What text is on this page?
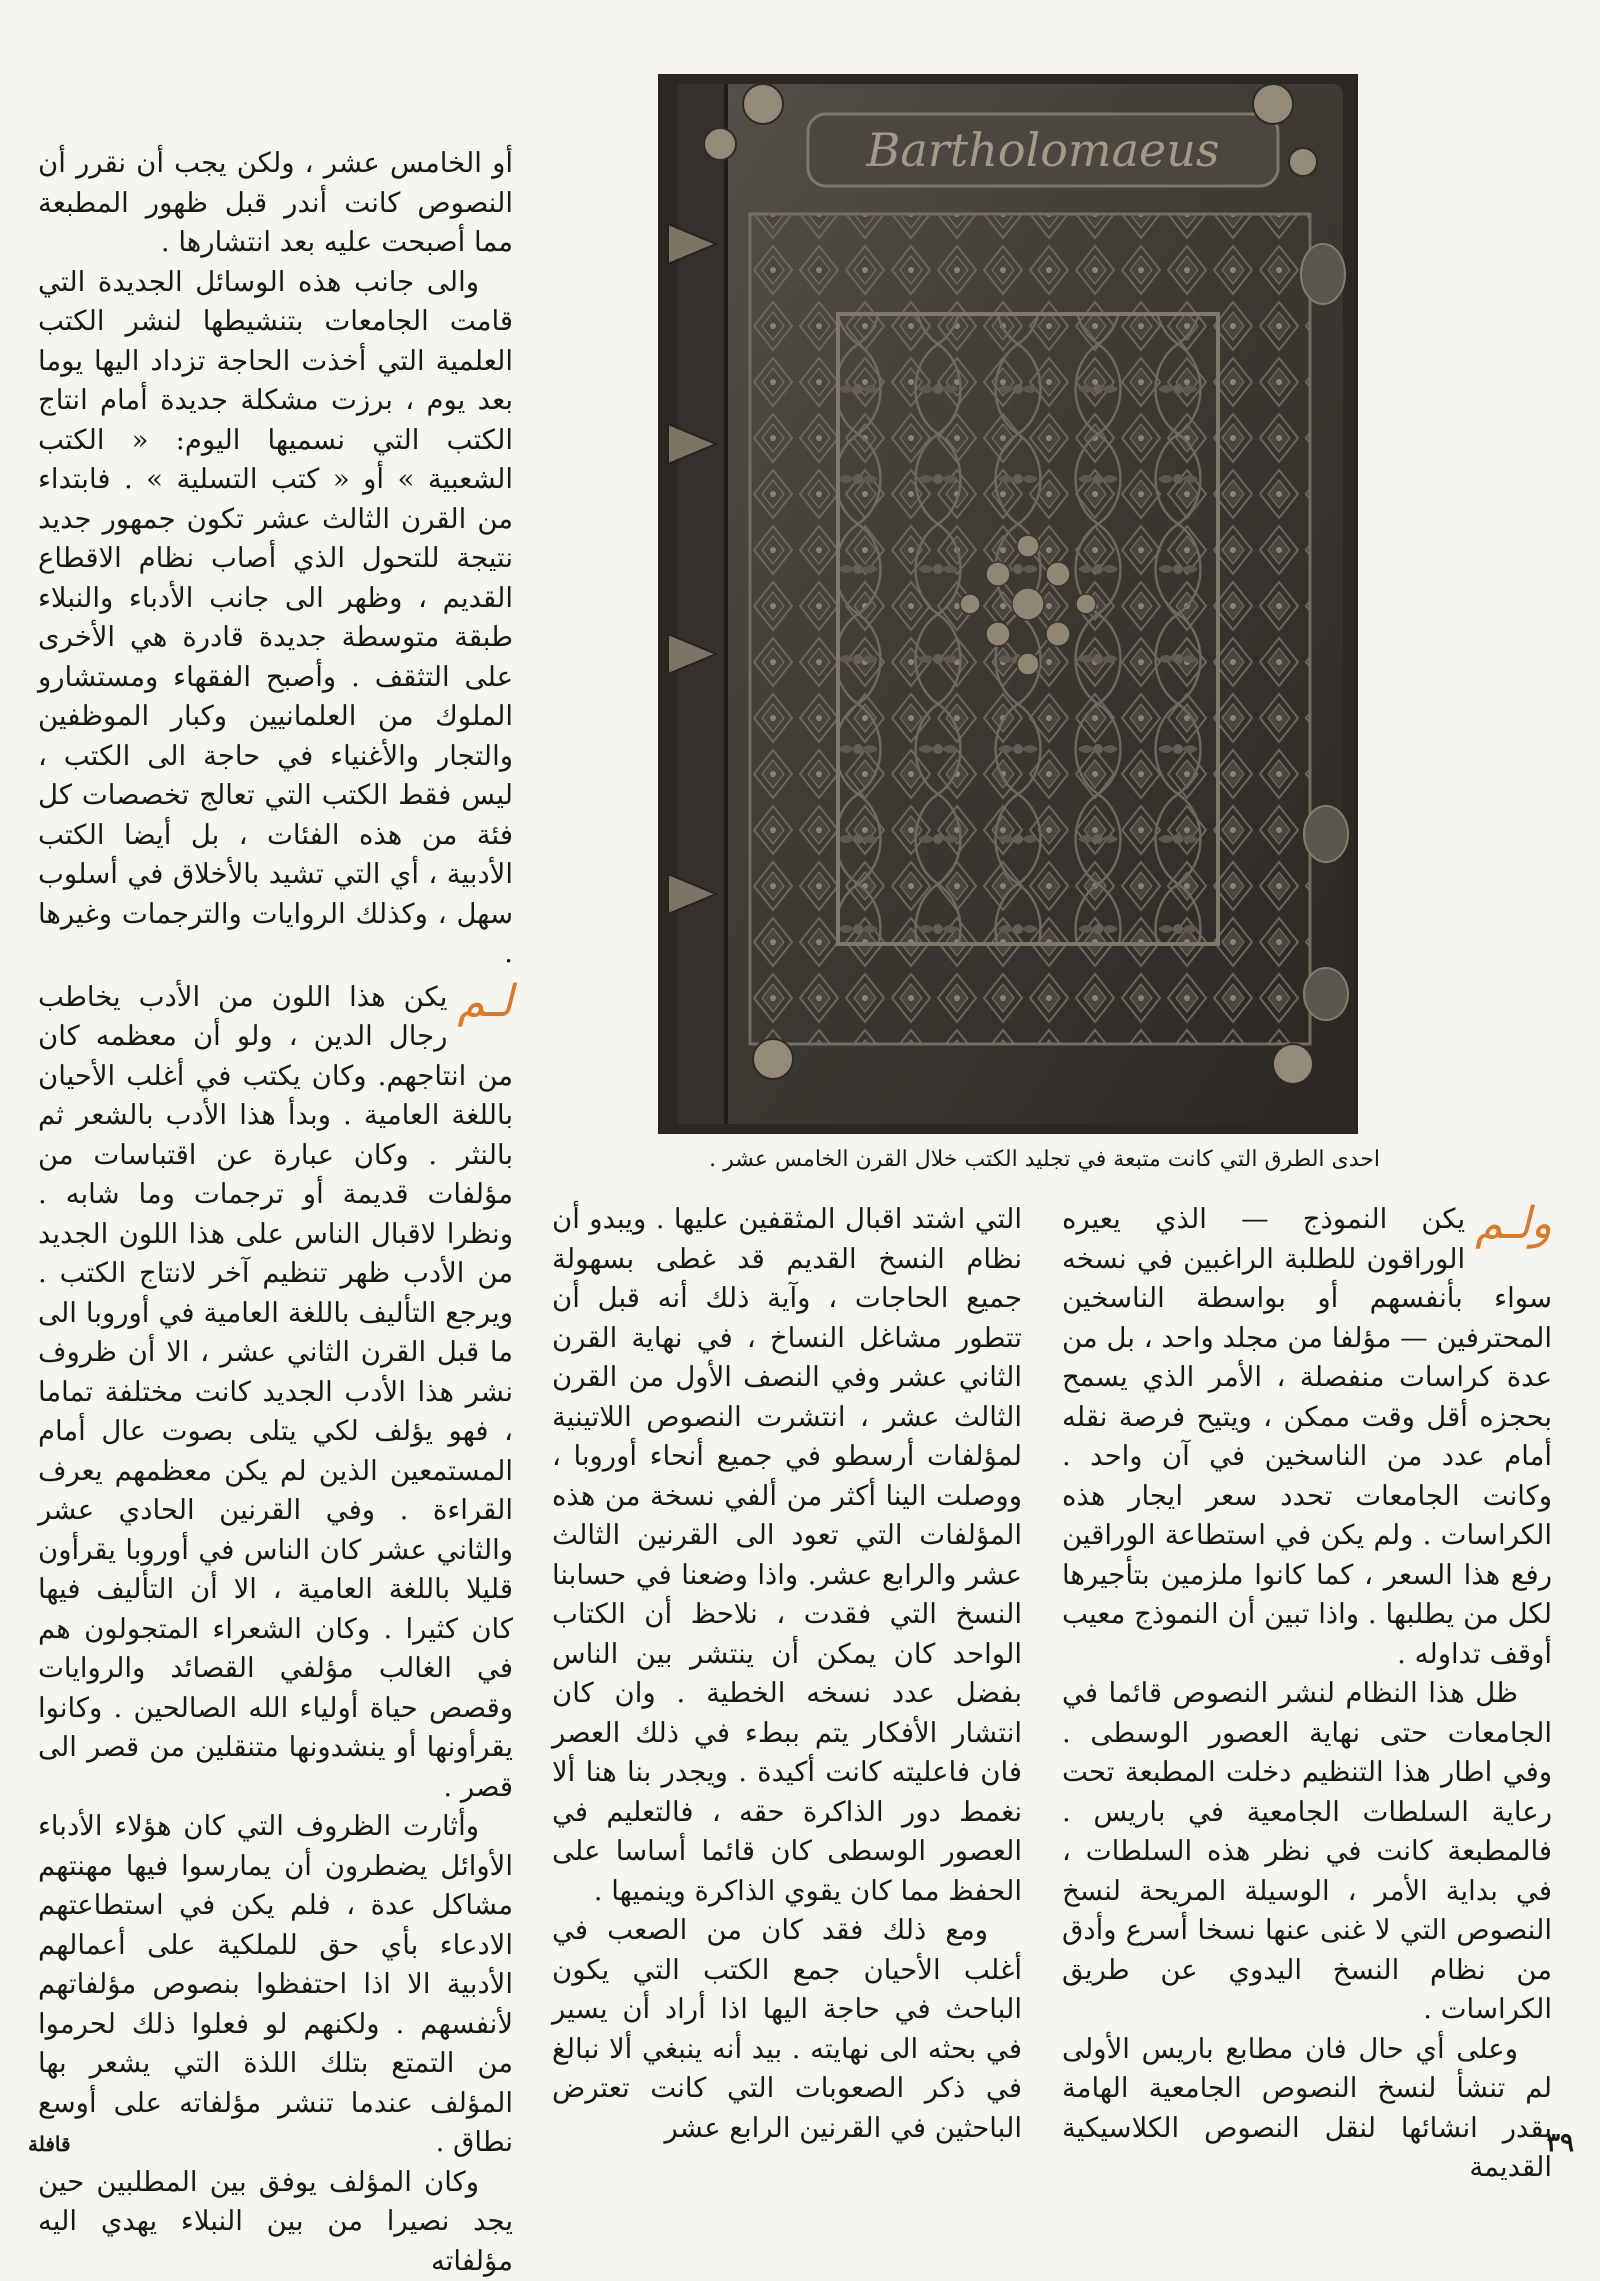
أو الخامس عشر ، ولكن يجب أن نقرر أن النصوص كانت أندر قبل ظهور المطبعة مما أصبحت عليه بعد انتشارها .

والى جانب هذه الوسائل الجديدة التي قامت الجامعات بتنشيطها لنشر الكتب العلمية التي أخذت الحاجة تزداد اليها يوما بعد يوم ، برزت مشكلة جديدة أمام انتاج الكتب التي نسميها اليوم: « الكتب الشعبية » أو « كتب التسلية » . فابتداء من القرن الثالث عشر تكون جمهور جديد نتيجة للتحول الذي أصاب نظام الاقطاع القديم ، وظهر الى جانب الأدباء والنبلاء طبقة متوسطة جديدة قادرة هي الأخرى على التثقف . وأصبح الفقهاء ومستشارو الملوك من العلمانيين وكبار الموظفين والتجار والأغنياء في حاجة الى الكتب ، ليس فقط الكتب التي تعالج تخصصات كل فئة من هذه الفئات ، بل أيضا الكتب الأدبية ، أي التي تشيد بالأخلاق في أسلوب سهل ، وكذلك الروايات والترجمات وغيرها .

لـم
يكن هذا اللون من الأدب يخاطب رجال الدين ، ولو أن معظمه كان من انتاجهم. وكان يكتب في أغلب الأحيان باللغة العامية . وبدأ هذا الأدب بالشعر ثم بالنثر . وكان عبارة عن اقتباسات من مؤلفات قديمة أو ترجمات وما شابه . ونظرا لاقبال الناس على هذا اللون الجديد من الأدب ظهر تنظيم آخر لانتاج الكتب . ويرجع التأليف باللغة العامية في أوروبا الى ما قبل القرن الثاني عشر ، الا أن ظروف نشر هذا الأدب الجديد كانت مختلفة تماما ، فهو يؤلف لكي يتلى بصوت عال أمام المستمعين الذين لم يكن معظمهم يعرف القراءة . وفي القرنين الحادي عشر والثاني عشر كان الناس في أوروبا يقرأون قليلا باللغة العامية ، الا أن التأليف فيها كان كثيرا . وكان الشعراء المتجولون هم في الغالب مؤلفي القصائد والروايات وقصص حياة أولياء الله الصالحين . وكانوا يقرأونها أو ينشدونها متنقلين من قصر الى قصر .

وأثارت الظروف التي كان هؤلاء الأدباء الأوائل يضطرون أن يمارسوا فيها مهنتهم مشاكل عدة ، فلم يكن في استطاعتهم الادعاء بأي حق للملكية على أعمالهم الأدبية الا اذا احتفظوا بنصوص مؤلفاتهم لأنفسهم . ولكنهم لو فعلوا ذلك لحرموا من التمتع بتلك اللذة التي يشعر بها المؤلف عندما تنشر مؤلفاته على أوسع نطاق .

وكان المؤلف يوفق بين المطلبين حين يجد نصيرا من بين النبلاء يهدي اليه مؤلفاته

Bartholomaeus
احدى الطرق التي كانت متبعة في تجليد الكتب خلال القرن الخامس عشر .

التي اشتد اقبال المثقفين عليها . ويبدو أن نظام النسخ القديم قد غطى بسهولة جميع الحاجات ، وآية ذلك أنه قبل أن تتطور مشاغل النساخ ، في نهاية القرن الثاني عشر وفي النصف الأول من القرن الثالث عشر ، انتشرت النصوص اللاتينية لمؤلفات أرسطو في جميع أنحاء أوروبا ، ووصلت الينا أكثر من ألفي نسخة من هذه المؤلفات التي تعود الى القرنين الثالث عشر والرابع عشر. واذا وضعنا في حسابنا النسخ التي فقدت ، نلاحظ أن الكتاب الواحد كان يمكن أن ينتشر بين الناس بفضل عدد نسخه الخطية . وان كان انتشار الأفكار يتم ببطء في ذلك العصر فان فاعليته كانت أكيدة . ويجدر بنا هنا ألا نغمط دور الذاكرة حقه ، فالتعليم في العصور الوسطى كان قائما أساسا على الحفظ مما كان يقوي الذاكرة وينميها .

ومع ذلك فقد كان من الصعب في أغلب الأحيان جمع الكتب التي يكون الباحث في حاجة اليها اذا أراد أن يسير في بحثه الى نهايته . بيد أنه ينبغي ألا نبالغ في ذكر الصعوبات التي كانت تعترض الباحثين في القرنين الرابع عشر

ولـم
يكن النموذج — الذي يعيره الوراقون للطلبة الراغبين في نسخه سواء بأنفسهم أو بواسطة الناسخين المحترفين — مؤلفا من مجلد واحد ، بل من عدة كراسات منفصلة ، الأمر الذي يسمح بحجزه أقل وقت ممكن ، ويتيح فرصة نقله أمام عدد من الناسخين في آن واحد . وكانت الجامعات تحدد سعر ايجار هذه الكراسات . ولم يكن في استطاعة الوراقين رفع هذا السعر ، كما كانوا ملزمين بتأجيرها لكل من يطلبها . واذا تبين أن النموذج معيب أوقف تداوله .

ظل هذا النظام لنشر النصوص قائما في الجامعات حتى نهاية العصور الوسطى . وفي اطار هذا التنظيم دخلت المطبعة تحت رعاية السلطات الجامعية في باريس . فالمطبعة كانت في نظر هذه السلطات ، في بداية الأمر ، الوسيلة المريحة لنسخ النصوص التي لا غنى عنها نسخا أسرع وأدق من نظام النسخ اليدوي عن طريق الكراسات .

وعلى أي حال فان مطابع باريس الأولى لم تنشأ لنسخ النصوص الجامعية الهامة بقدر انشائها لنقل النصوص الكلاسيكية القديمة

قافلة	٣٩
